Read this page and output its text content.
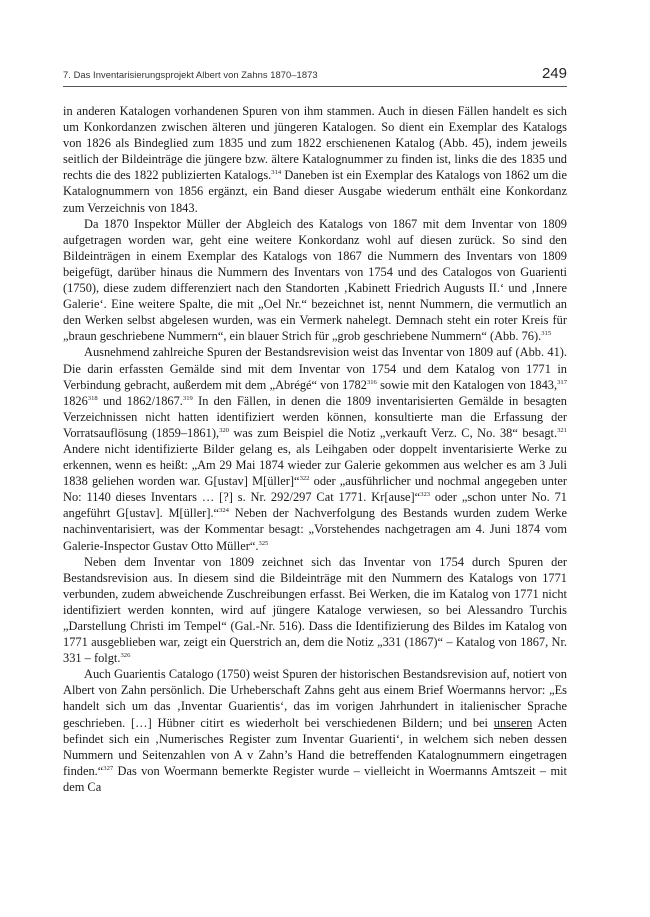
7. Das Inventarisierungsprojekt Albert von Zahns 1870–1873	249

in anderen Katalogen vorhandenen Spuren von ihm stammen. Auch in diesen Fällen handelt es sich um Konkordanzen zwischen älteren und jüngeren Katalogen. So dient ein Exemplar des Katalogs von 1826 als Bindeglied zum 1835 und zum 1822 erschienenen Katalog (Abb. 45), indem jeweils seitlich der Bildeinträge die jüngere bzw. ältere Katalognummer zu finden ist, links die des 1835 und rechts die des 1822 publizierten Katalogs.$^{314}$ Daneben ist ein Exemplar des Katalogs von 1862 um die Katalognummern von 1856 ergänzt, ein Band dieser Ausgabe wiederum enthält eine Konkordanz zum Verzeichnis von 1843.

Da 1870 Inspektor Müller der Abgleich des Katalogs von 1867 mit dem Inventar von 1809 aufgetragen worden war, geht eine weitere Konkordanz wohl auf diesen zurück. So sind den Bildeinträgen in einem Exemplar des Katalogs von 1867 die Nummern des Inventars von 1809 beigefügt, darüber hinaus die Nummern des Inventars von 1754 und des Catalogos von Guarienti (1750), diese zudem differenziert nach den Standorten ‚Kabinett Friedrich Augusts II.‘ und ‚Innere Galerie‘. Eine weitere Spalte, die mit „Oel Nr.“ bezeichnet ist, nennt Nummern, die vermutlich an den Werken selbst abgelesen wurden, was ein Vermerk nahelegt. Demnach steht ein roter Kreis für „braun geschriebene Nummern“, ein blauer Strich für „grob geschriebene Nummern“ (Abb. 76).$^{315}$

Ausnehmend zahlreiche Spuren der Bestandsrevision weist das Inventar von 1809 auf (Abb. 41). Die darin erfassten Gemälde sind mit dem Inventar von 1754 und dem Katalog von 1771 in Verbindung gebracht, außerdem mit dem „Abrégé“ von 1782$^{316}$ sowie mit den Katalogen von 1843,$^{317}$ 1826$^{318}$ und 1862/1867.$^{319}$ In den Fällen, in denen die 1809 inventarisierten Gemälde in besagten Verzeichnissen nicht hatten identifiziert werden können, konsultierte man die Erfassung der Vorratsauflösung (1859–1861),$^{320}$ was zum Beispiel die Notiz „verkauft Verz. C, No. 38“ besagt.$^{321}$ Andere nicht identifizierte Bilder gelang es, als Leihgaben oder doppelt inventarisierte Werke zu erkennen, wenn es heißt: „Am 29 Mai 1874 wieder zur Galerie gekommen aus welcher es am 3 Juli 1838 geliehen worden war. G[ustav] M[üller]“$^{322}$ oder „ausführlicher und nochmal angegeben unter No: 1140 dieses Inventars … [?] s. Nr. 292/297 Cat 1771. Kr[ause]“$^{323}$ oder „schon unter No. 71 angeführt G[ustav]. M[üller].“$^{324}$ Neben der Nachverfolgung des Bestands wurden zudem Werke nachinventarisiert, was der Kommentar besagt: „Vorstehendes nachgetragen am 4. Juni 1874 vom Galerie-Inspector Gustav Otto Müller“.$^{325}$

Neben dem Inventar von 1809 zeichnet sich das Inventar von 1754 durch Spuren der Bestandsrevision aus. In diesem sind die Bildeinträge mit den Nummern des Katalogs von 1771 verbunden, zudem abweichende Zuschreibungen erfasst. Bei Werken, die im Katalog von 1771 nicht identifiziert werden konnten, wird auf jüngere Kataloge verwiesen, so bei Alessandro Turchis „Darstellung Christi im Tempel“ (Gal.-Nr. 516). Dass die Identifizierung des Bildes im Katalog von 1771 ausgeblieben war, zeigt ein Querstrich an, dem die Notiz „331 (1867)“ – Katalog von 1867, Nr. 331 – folgt.$^{326}$

Auch Guarientis Catalogo (1750) weist Spuren der historischen Bestandsrevision auf, notiert von Albert von Zahn persönlich. Die Urheberschaft Zahns geht aus einem Brief Woermanns hervor: „Es handelt sich um das ‚Inventar Guarientis‘, das im vorigen Jahrhundert in italienischer Sprache geschrieben. […] Hübner citirt es wiederholt bei verschiedenen Bildern; und bei unseren Acten befindet sich ein ‚Numerisches Register zum Inventar Guarienti‘, in welchem sich neben dessen Nummern und Seitenzahlen von A v Zahn’s Hand die betreffenden Katalognummern eingetragen finden.“$^{327}$ Das von Woermann bemerkte Register wurde – vielleicht in Woermanns Amtszeit – mit dem Ca
